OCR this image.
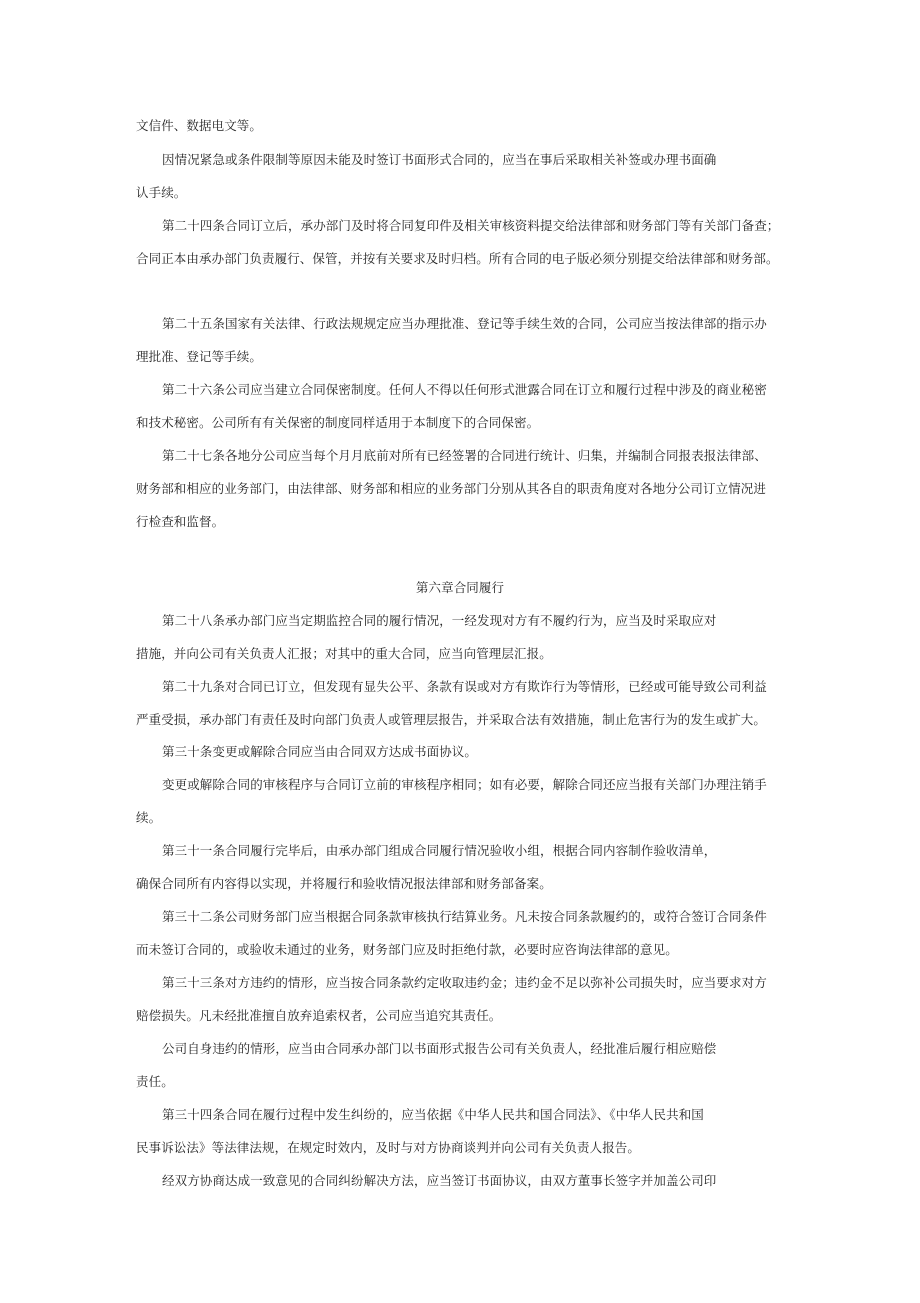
文信件、数据电文等。
因情况紧急或条件限制等原因未能及时签订书面形式合同的，应当在事后采取相关补签或办理书面确
认手续。
第二十四条合同订立后，承办部门及时将合同复印件及相关审核资料提交给法律部和财务部门等有关部门备查；
合同正本由承办部门负责履行、保管，并按有关要求及时归档。所有合同的电子版必须分别提交给法律部和财务部。
第二十五条国家有关法律、行政法规规定应当办理批准、登记等手续生效的合同，公司应当按法律部的指示办
理批准、登记等手续。
第二十六条公司应当建立合同保密制度。任何人不得以任何形式泄露合同在订立和履行过程中涉及的商业秘密
和技术秘密。公司所有有关保密的制度同样适用于本制度下的合同保密。
第二十七条各地分公司应当每个月月底前对所有已经签署的合同进行统计、归集，并编制合同报表报法律部、
财务部和相应的业务部门，由法律部、财务部和相应的业务部门分别从其各自的职责角度对各地分公司订立情况进
行检查和监督。
第六章合同履行
第二十八条承办部门应当定期监控合同的履行情况，一经发现对方有不履约行为，应当及时采取应对
措施，并向公司有关负责人汇报；对其中的重大合同，应当向管理层汇报。
第二十九条对合同已订立，但发现有显失公平、条款有误或对方有欺诈行为等情形，已经或可能导致公司利益
严重受损，承办部门有责任及时向部门负责人或管理层报告，并采取合法有效措施，制止危害行为的发生或扩大。
第三十条变更或解除合同应当由合同双方达成书面协议。
变更或解除合同的审核程序与合同订立前的审核程序相同；如有必要，解除合同还应当报有关部门办理注销手
续。
第三十一条合同履行完毕后，由承办部门组成合同履行情况验收小组，根据合同内容制作验收清单，
确保合同所有内容得以实现，并将履行和验收情况报法律部和财务部备案。
第三十二条公司财务部门应当根据合同条款审核执行结算业务。凡未按合同条款履约的，或符合签订合同条件
而未签订合同的，或验收未通过的业务，财务部门应及时拒绝付款，必要时应咨询法律部的意见。
第三十三条对方违约的情形，应当按合同条款约定收取违约金；违约金不足以弥补公司损失时，应当要求对方
赔偿损失。凡未经批准擅自放弃追索权者，公司应当追究其责任。
公司自身违约的情形，应当由合同承办部门以书面形式报告公司有关负责人，经批准后履行相应赔偿
责任。
第三十四条合同在履行过程中发生纠纷的，应当依据《中华人民共和国合同法》、《中华人民共和国
民事诉讼法》等法律法规，在规定时效内，及时与对方协商谈判并向公司有关负责人报告。
经双方协商达成一致意见的合同纠纷解决方法，应当签订书面协议，由双方董事长签字并加盖公司印
